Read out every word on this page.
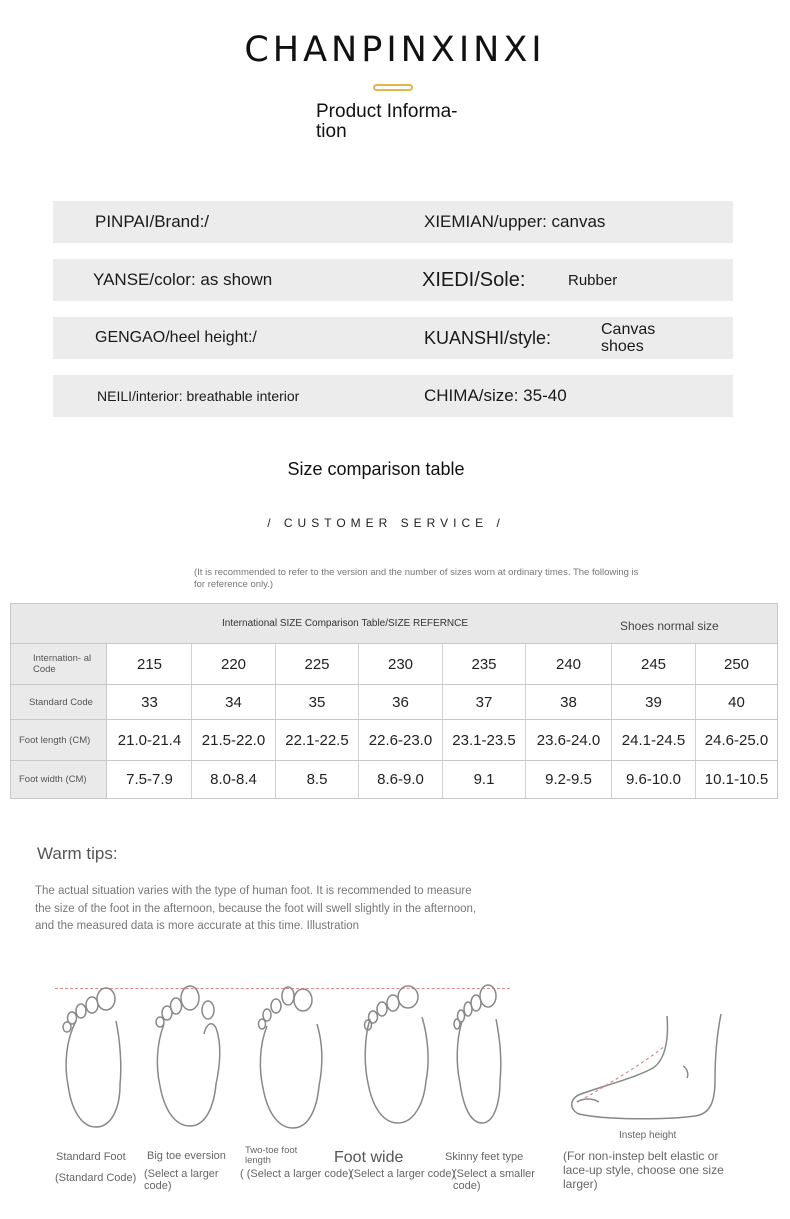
CHANPINXINXI
Product Informa- tion
PINPAI/Brand:/	XIEMIAN/upper: canvas
YANSE/color: as shown	XIEDI/Sole:	Rubber
GENGAO/heel height:/	KUANSHI/style:	Canvas shoes
NEILI/interior: breathable interior	CHIMA/size: 35-40
Size comparison table
/ CUSTOMER SERVICE /
(It is recommended to refer to the version and the number of sizes worn at ordinary times. The following is for reference only.)
International SIZE Comparison Table/SIZE REFERNCE	Shoes normal size
Internation- al Code	215	220	225	230	235	240	245	250
Standard Code	33	34	35	36	37	38	39	40
Foot length (CM)	21.0-21.4	21.5-22.0	22.1-22.5	22.6-23.0	23.1-23.5	23.6-24.0	24.1-24.5	24.6-25.0
Foot width (CM)	7.5-7.9	8.0-8.4	8.5	8.6-9.0	9.1	9.2-9.5	9.6-10.0	10.1-10.5
Warm tips:
The actual situation varies with the type of human foot. It is recommended to measure the size of the foot in the afternoon, because the foot will swell slightly in the afternoon, and the measured data is more accurate at this time. Illustration
Standard Foot
(Standard Code)
Big toe eversion
(Select a larger code)
Two-toe foot length
( (Select a larger code)
Foot wide
(Select a larger code)
Skinny feet type
(Select a smaller code)
Instep height
(For non-instep belt elastic or lace-up style, choose one size larger)
